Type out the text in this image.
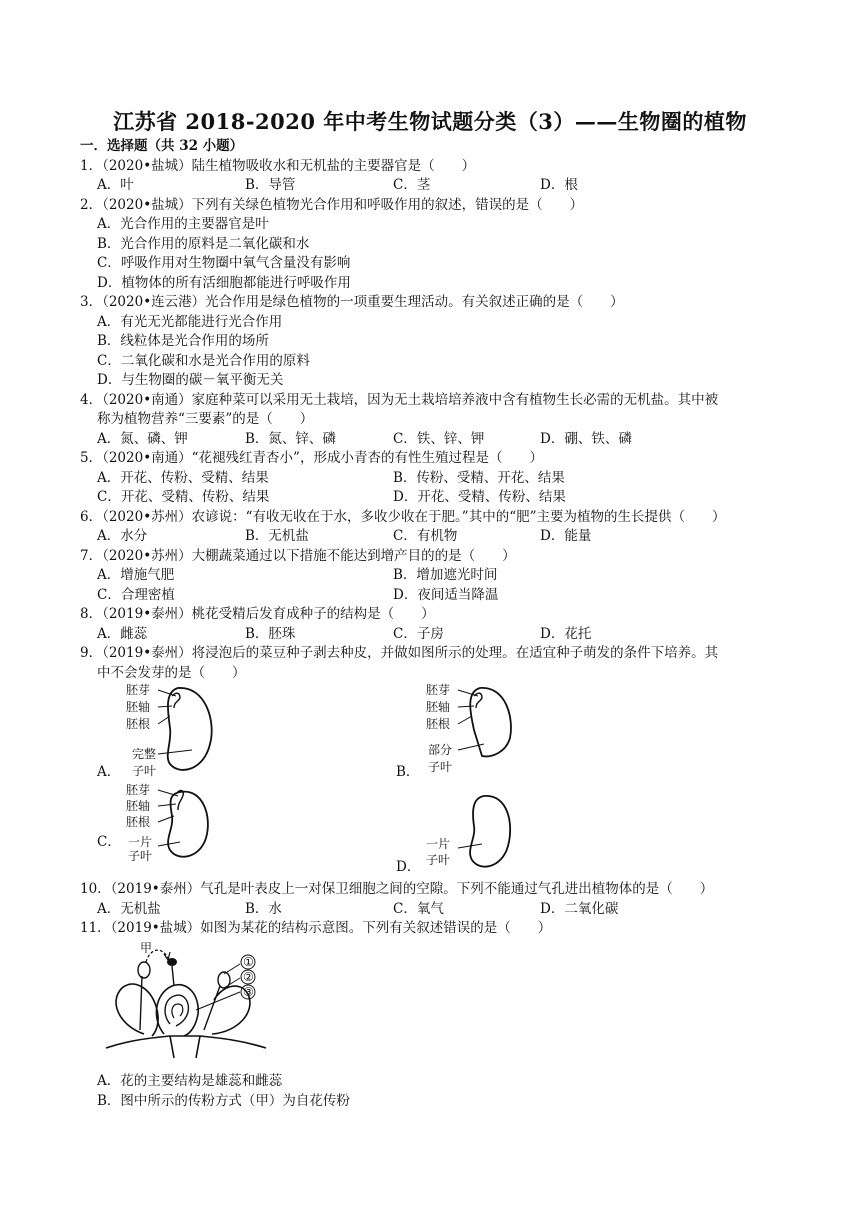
江苏省 2018-2020 年中考生物试题分类（3）——生物圈的植物
一．选择题（共 32 小题）
1．（2020•盐城）陆生植物吸收水和无机盐的主要器官是（　　）
A．叶	B．导管	C．茎	D．根
2．（2020•盐城）下列有关绿色植物光合作用和呼吸作用的叙述，错误的是（　　）
A．光合作用的主要器官是叶
B．光合作用的原料是二氧化碳和水
C．呼吸作用对生物圈中氧气含量没有影响
D．植物体的所有活细胞都能进行呼吸作用
3．（2020•连云港）光合作用是绿色植物的一项重要生理活动。有关叙述正确的是（　　）
A．有光无光都能进行光合作用
B．线粒体是光合作用的场所
C．二氧化碳和水是光合作用的原料
D．与生物圈的碳－氧平衡无关
4．（2020•南通）家庭种菜可以采用无土栽培，因为无土栽培培养液中含有植物生长必需的无机盐。其中被
称为植物营养“三要素”的是（　　）
A．氮、磷、钾	B．氮、锌、磷	C．铁、锌、钾	D．硼、铁、磷
5．（2020•南通）“花褪残红青杏小”，形成小青杏的有性生殖过程是（　　）
A．开花、传粉、受精、结果	B．传粉、受精、开花、结果
C．开花、受精、传粉、结果	D．开花、受精、传粉、结果
6．（2020•苏州）农谚说：“有收无收在于水，多收少收在于肥。”其中的“肥”主要为植物的生长提供（　　）
A．水分	B．无机盐	C．有机物	D．能量
7．（2020•苏州）大棚蔬菜通过以下措施不能达到增产目的的是（　　）
A．增施气肥	B．增加遮光时间
C．合理密植	D．夜间适当降温
8．（2019•泰州）桃花受精后发育成种子的结构是（　　）
A．雌蕊	B．胚珠	C．子房	D．花托
9．（2019•泰州）将浸泡后的菜豆种子剥去种皮，并做如图所示的处理。在适宜种子萌发的条件下培养。其
中不会发芽的是（　　）
A．
胚芽
胚轴
胚根
完整
子叶	B．
胚芽
胚轴
胚根
部分
子叶
C．
胚芽
胚轴
胚根
一片
子叶
D．
一片
子叶
10．（2019•泰州）气孔是叶表皮上一对保卫细胞之间的空隙。下列不能通过气孔进出植物体的是（　　）
A．无机盐	B．水	C．氧气	D．二氧化碳
11．（2019•盐城）如图为某花的结构示意图。下列有关叙述错误的是（　　）
甲
①
②
③
A．花的主要结构是雄蕊和雌蕊
B．图中所示的传粉方式（甲）为自花传粉
